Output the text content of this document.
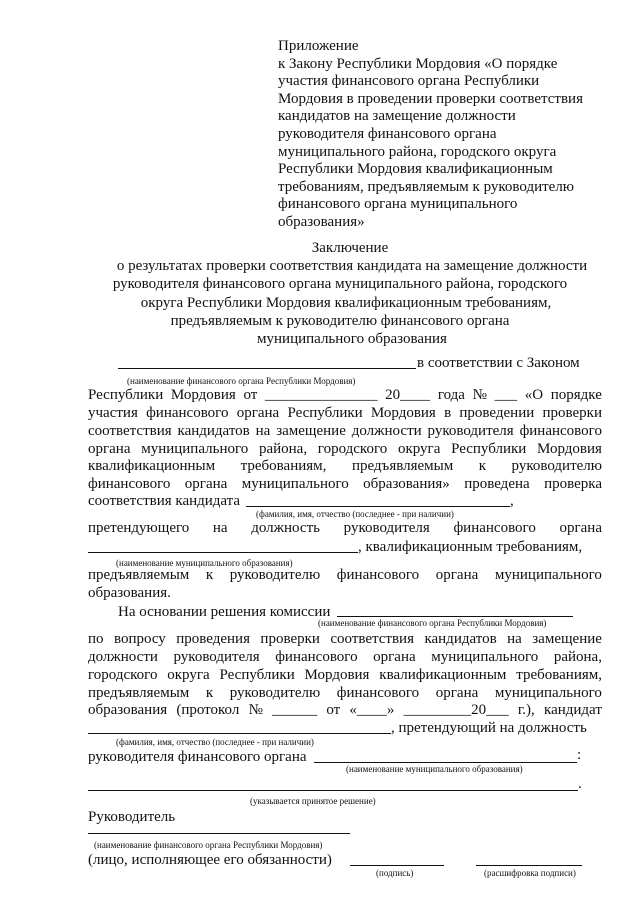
Приложение
к Закону Республики Мордовия «О порядке
участия финансового органа Республики
Мордовия в проведении проверки соответствия
кандидатов на замещение должности
руководителя финансового органа
муниципального района, городского округа
Республики Мордовия квалификационным
требованиям, предъявляемым к руководителю
финансового органа муниципального
образования»
Заключение
о результатах проверки соответствия кандидата на замещение должности
руководителя финансового органа муниципального района, городского
округа Республики Мордовия квалификационным требованиям,
предъявляемым к руководителю финансового органа
муниципального образования
в соответствии с Законом
(наименование финансового органа Республики Мордовия)
Республики Мордовия от _______________ 20____ года № ___ «О порядке
участия финансового органа Республики Мордовия в проведении проверки
соответствия кандидатов на замещение должности руководителя финансового
органа муниципального района, городского округа Республики Мордовия
квалификационным требованиям, предъявляемым к руководителю
финансового органа муниципального образования» проведена проверка
соответствия кандидата	,
(фамилия, имя, отчество (последнее - при наличии)
претендующего на должность руководителя финансового органа
, квалификационным требованиям,
(наименование муниципального образования)
предъявляемым к руководителю финансового органа муниципального
образования.
На основании решения комиссии
(наименование финансового органа Республики Мордовия)
по вопросу проведения проверки соответствия кандидатов на замещение
должности руководителя финансового органа муниципального района,
городского округа Республики Мордовия квалификационным требованиям,
предъявляемым к руководителю финансового органа муниципального
образования (протокол № ______ от «____» _________20___ г.), кандидат
, претендующий на должность
(фамилия, имя, отчество (последнее - при наличии)
руководителя финансового органа	:
(наименование муниципального образования)
.
(указывается принятое решение)
Руководитель
(наименование финансового органа Республики Мордовия)
(лицо, исполняющее его обязанности)
(подпись)	(расшифровка подписи)
